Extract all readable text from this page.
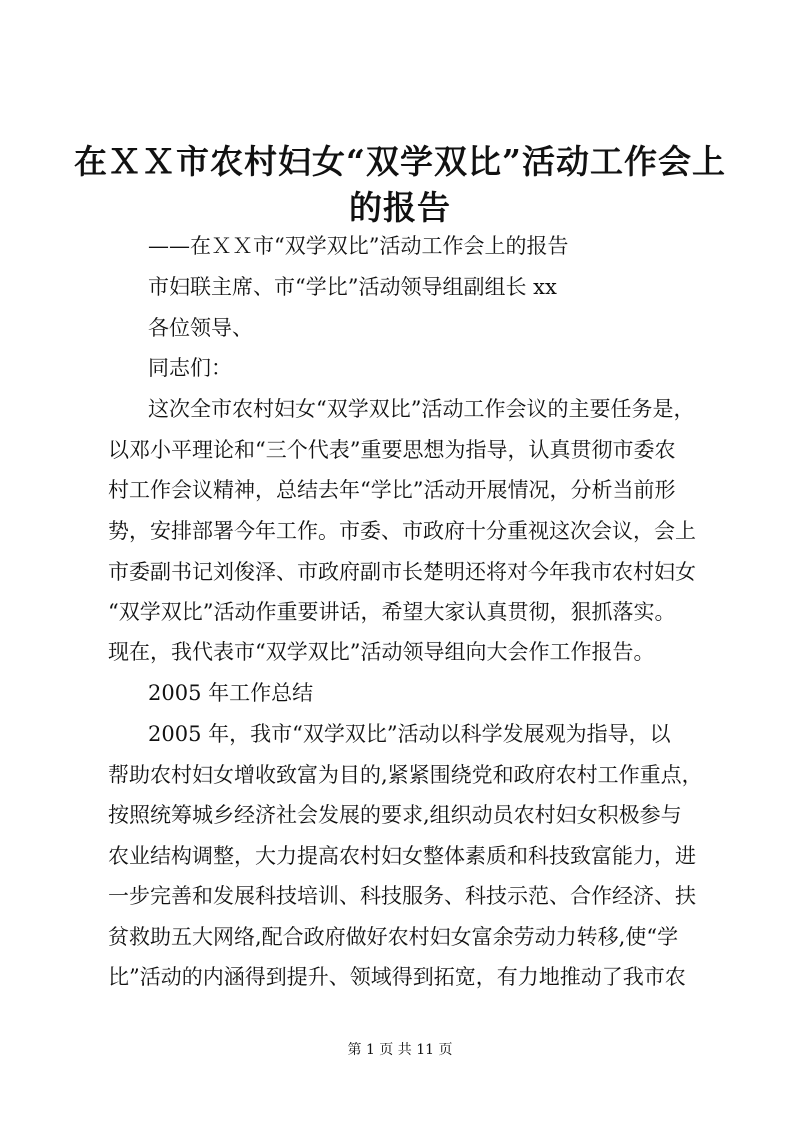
在ＸＸ市农村妇女“双学双比”活动工作会上
的报告
——在ＸＸ市“双学双比”活动工作会上的报告
市妇联主席、市“学比”活动领导组副组长 xx
各位领导、
同志们：
这次全市农村妇女“双学双比”活动工作会议的主要任务是，
以邓小平理论和“三个代表”重要思想为指导，认真贯彻市委农
村工作会议精神，总结去年“学比”活动开展情况，分析当前形
势，安排部署今年工作。市委、市政府十分重视这次会议，会上
市委副书记刘俊泽、市政府副市长楚明还将对今年我市农村妇女
“双学双比”活动作重要讲话，希望大家认真贯彻，狠抓落实。
现在，我代表市“双学双比”活动领导组向大会作工作报告。
2005 年工作总结
2005 年，我市“双学双比”活动以科学发展观为指导，以
帮助农村妇女增收致富为目的,紧紧围绕党和政府农村工作重点，
按照统筹城乡经济社会发展的要求,组织动员农村妇女积极参与
农业结构调整，大力提高农村妇女整体素质和科技致富能力，进
一步完善和发展科技培训、科技服务、科技示范、合作经济、扶
贫救助五大网络,配合政府做好农村妇女富余劳动力转移,使“学
比”活动的内涵得到提升、领域得到拓宽，有力地推动了我市农
第 1 页 共 11 页
